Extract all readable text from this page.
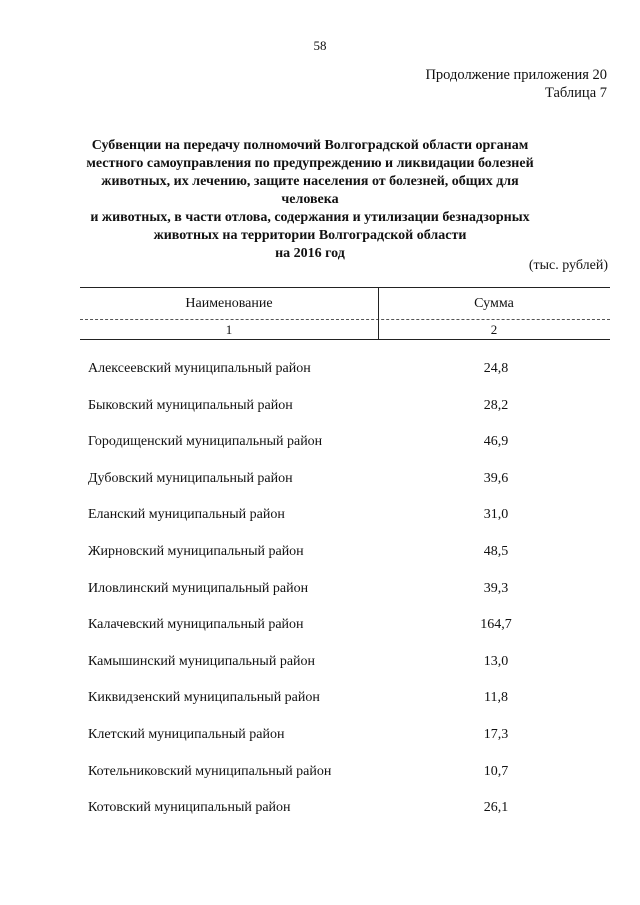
58
Продолжение приложения 20
Таблица 7
Субвенции на передачу полномочий Волгоградской области органам
местного самоуправления по предупреждению и ликвидации болезней
животных, их лечению, защите населения от болезней, общих для человека
и животных, в части отлова, содержания и утилизации безнадзорных
животных на территории Волгоградской области
на 2016 год
(тыс. рублей)
Наименование	Сумма
1	2
Алексеевский муниципальный район	24,8
Быковский муниципальный район	28,2
Городищенский муниципальный район	46,9
Дубовский муниципальный район	39,6
Еланский муниципальный район	31,0
Жирновский муниципальный район	48,5
Иловлинский муниципальный район	39,3
Калачевский муниципальный район	164,7
Камышинский муниципальный район	13,0
Киквидзенский муниципальный район	11,8
Клетский муниципальный район	17,3
Котельниковский муниципальный район	10,7
Котовский муниципальный район	26,1
